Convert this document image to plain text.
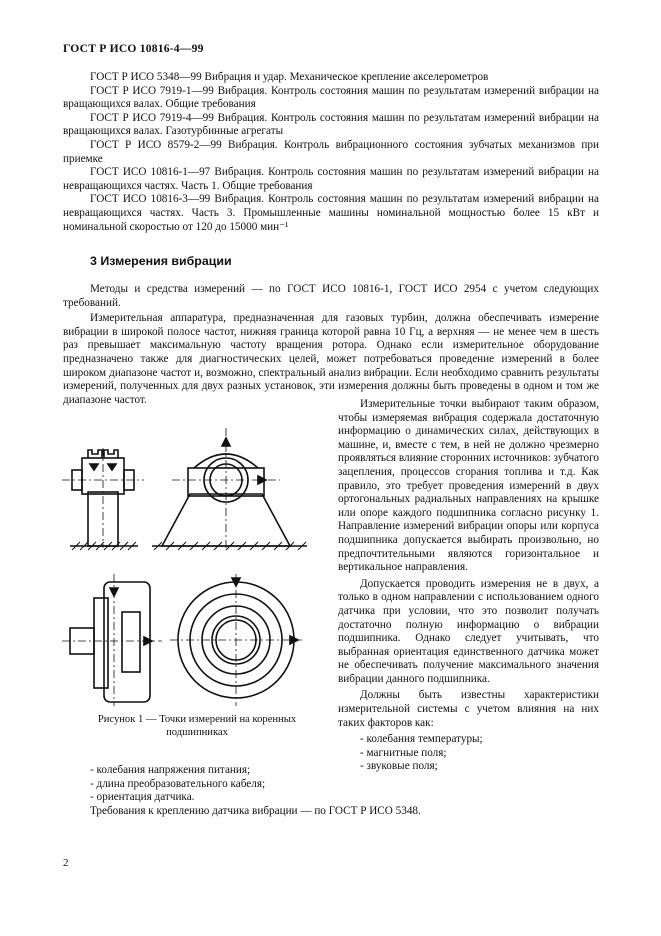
ГОСТ Р ИСО 10816-4—99

ГОСТ Р ИСО 5348—99 Вибрация и удар. Механическое крепление акселерометров

ГОСТ Р ИСО 7919-1—99 Вибрация. Контроль состояния машин по результатам измерений вибрации на вращающихся валах. Общие требования

ГОСТ Р ИСО 7919-4—99 Вибрация. Контроль состояния машин по результатам измерений вибрации на вращающихся валах. Газотурбинные агрегаты

ГОСТ Р ИСО 8579-2—99 Вибрация. Контроль вибрационного состояния зубчатых механизмов при приемке

ГОСТ ИСО 10816-1—97 Вибрация. Контроль состояния машин по результатам измерений вибрации на невращающихся частях. Часть 1. Общие требования

ГОСТ ИСО 10816-3—99 Вибрация. Контроль состояния машин по результатам измерений вибрации на невращающихся частях. Часть 3. Промышленные машины номинальной мощностью более 15 кВт и номинальной скоростью от 120 до 15000 мин⁻¹

3 Измерения вибрации

Методы и средства измерений — по ГОСТ ИСО 10816-1, ГОСТ ИСО 2954 с учетом следующих требований.

Измерительная аппаратура, предназначенная для газовых турбин, должна обеспечивать измерение вибрации в широкой полосе частот, нижняя граница которой равна 10 Гц, а верхняя — не менее чем в шесть раз превышает максимальную частоту вращения ротора. Однако если измерительное оборудование предназначено также для диагностических целей, может потребоваться проведение измерений в более широком диапазоне частот и, возможно, спектральный анализ вибрации. Если необходимо сравнить результаты измерений, полученных для двух разных установок, эти измерения должны быть проведены в одном и том же диапазоне частот.

Рисунок 1 — Точки измерений на коренных подшипниках

Измерительные точки выбирают таким образом, чтобы измеряемая вибрация содержала достаточную информацию о динамических силах, действующих в машине, и, вместе с тем, в ней не должно чрезмерно проявляться влияние сторонних источников: зубчатого зацепления, процессов сгорания топлива и т.д. Как правило, это требует проведения измерений в двух ортогональных радиальных направлениях на крышке или опоре каждого подшипника согласно рисунку 1. Направление измерений вибрации опоры или корпуса подшипника допускается выбирать произвольно, но предпочтительными являются горизонтальное и вертикальное направления.

Допускается проводить измерения не в двух, а только в одном направлении с использованием одного датчика при условии, что это позволит получать достаточно полную информацию о вибрации подшипника. Однако следует учитывать, что выбранная ориентация единственного датчика может не обеспечивать получение максимального значения вибрации данного подшипника.

Должны быть известны характеристики измерительной системы с учетом влияния на них таких факторов как:

- колебания температуры;
- магнитные поля;
- звуковые поля;
- колебания напряжения питания;
- длина преобразовательного кабеля;
- ориентация датчика.

Требования к креплению датчика вибрации — по ГОСТ Р ИСО 5348.

2
